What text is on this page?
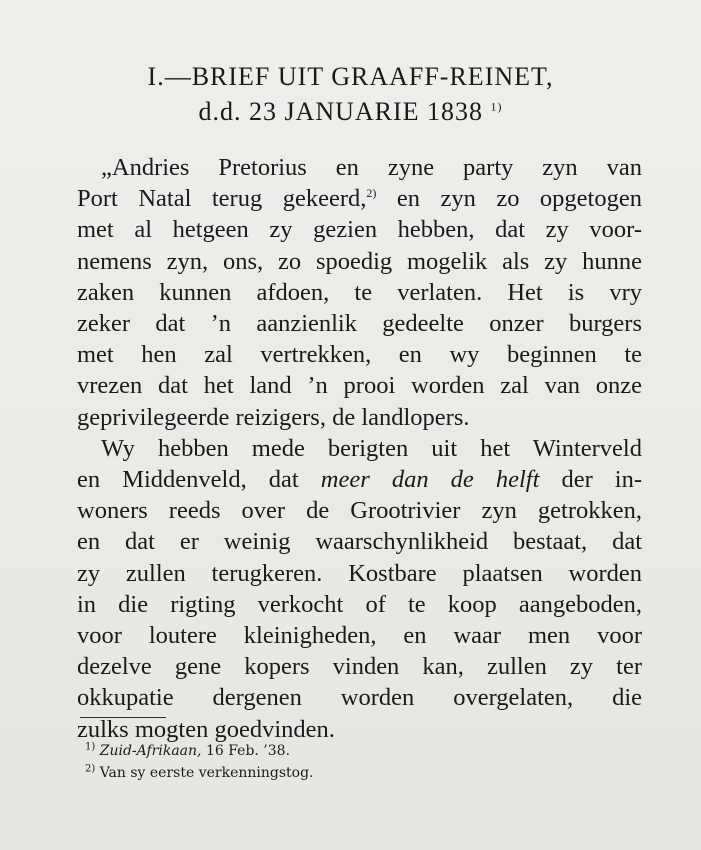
I.—BRIEF UIT GRAAFF-REINET,
d.d. 23 JANUARIE 1838 $^{1)}$
„Andries Pretorius en zyne party zyn van
Port Natal terug gekeerd,$^{2)}$ en zyn zo opgetogen
met al hetgeen zy gezien hebben, dat zy voor-
nemens zyn, ons, zo spoedig mogelik als zy hunne
zaken kunnen afdoen, te verlaten. Het is vry
zeker dat ’n aanzienlik gedeelte onzer burgers
met hen zal vertrekken, en wy beginnen te
vrezen dat het land ’n prooi worden zal van onze
geprivilegeerde reizigers, de landlopers.
Wy hebben mede berigten uit het Winterveld
en Middenveld, dat meer dan de helft der in-
woners reeds over de Grootrivier zyn getrokken,
en dat er weinig waarschynlikheid bestaat, dat
zy zullen terugkeren. Kostbare plaatsen worden
in die rigting verkocht of te koop aangeboden,
voor loutere kleinigheden, en waar men voor
dezelve gene kopers vinden kan, zullen zy ter
okkupatie dergenen worden overgelaten, die
zulks mogten goedvinden.
$^{1)}$ Zuid-Afrikaan, 16 Feb. ’38.
$^{2)}$ Van sy eerste verkenningstog.
